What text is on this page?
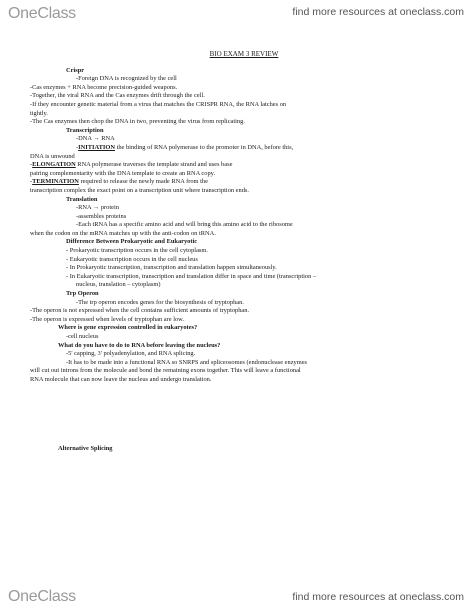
OneClass	find more resources at oneclass.com
BIO EXAM 3 REVIEW
● Crispr
-Foreign DNA is recognized by the cell
-Cas enzymes + RNA become precision-guided weapons.
-Together, the viral RNA and the Cas enzymes drift through the cell.
-If they encounter genetic material from a virus that matches the CRISPR RNA, the RNA latches on
tightly.
-The Cas enzymes then chop the DNA in two, preventing the virus from replicating.
● Transcription
-DNA → RNA
-INITIATION the binding of RNA polymerase to the promoter in DNA, before this,
DNA is unwound
-ELONGATION RNA polymerase traverses the template strand and uses base
pairing complementarity with the DNA template to create an RNA copy.
-TERMINATION required to release the newly made RNA from the
transcription complex the exact point on a transcription unit where transcription ends.
● Translation
-RNA → protein
-assembles proteins
-Each tRNA has a specific amino acid and will bring this amino acid to the ribosome
when the codon on the mRNA matches up with the anti-codon on tRNA.
● Difference Between Prokaryotic and Eukaryotic
- Prokaryotic transcription occurs in the cell cytoplasm.
- Eukaryotic transcription occurs in the cell nucleus
- In Prokaryotic transcription, transcription and translation happen simultaneously.
- In Eukaryotic transcription, transcription and translation differ in space and time (transcription –
nucleus, translation – cytoplasm)
● Trp Operon
-The trp operon encodes genes for the biosynthesis of tryptophan.
-The operon is not expressed when the cell contains sufficient amounts of tryptophan.
-The operon is expressed when levels of tryptophan are low.
● Where is gene expression controlled in eukaryotes?
-cell nucleus
● What do you have to do to RNA before leaving the nucleus?
-5' capping, 3' polyadenylation, and RNA splicing.
-It has to be made into a functional RNA so SNRPS and spliceosomes (endonuclease enzymes
will cut out introns from the molecule and bond the remaining exons together. This will leave a functional
RNA molecule that can now leave the nucleus and undergo translation.
● Alternative Splicing
OneClass	find more resources at oneclass.com
